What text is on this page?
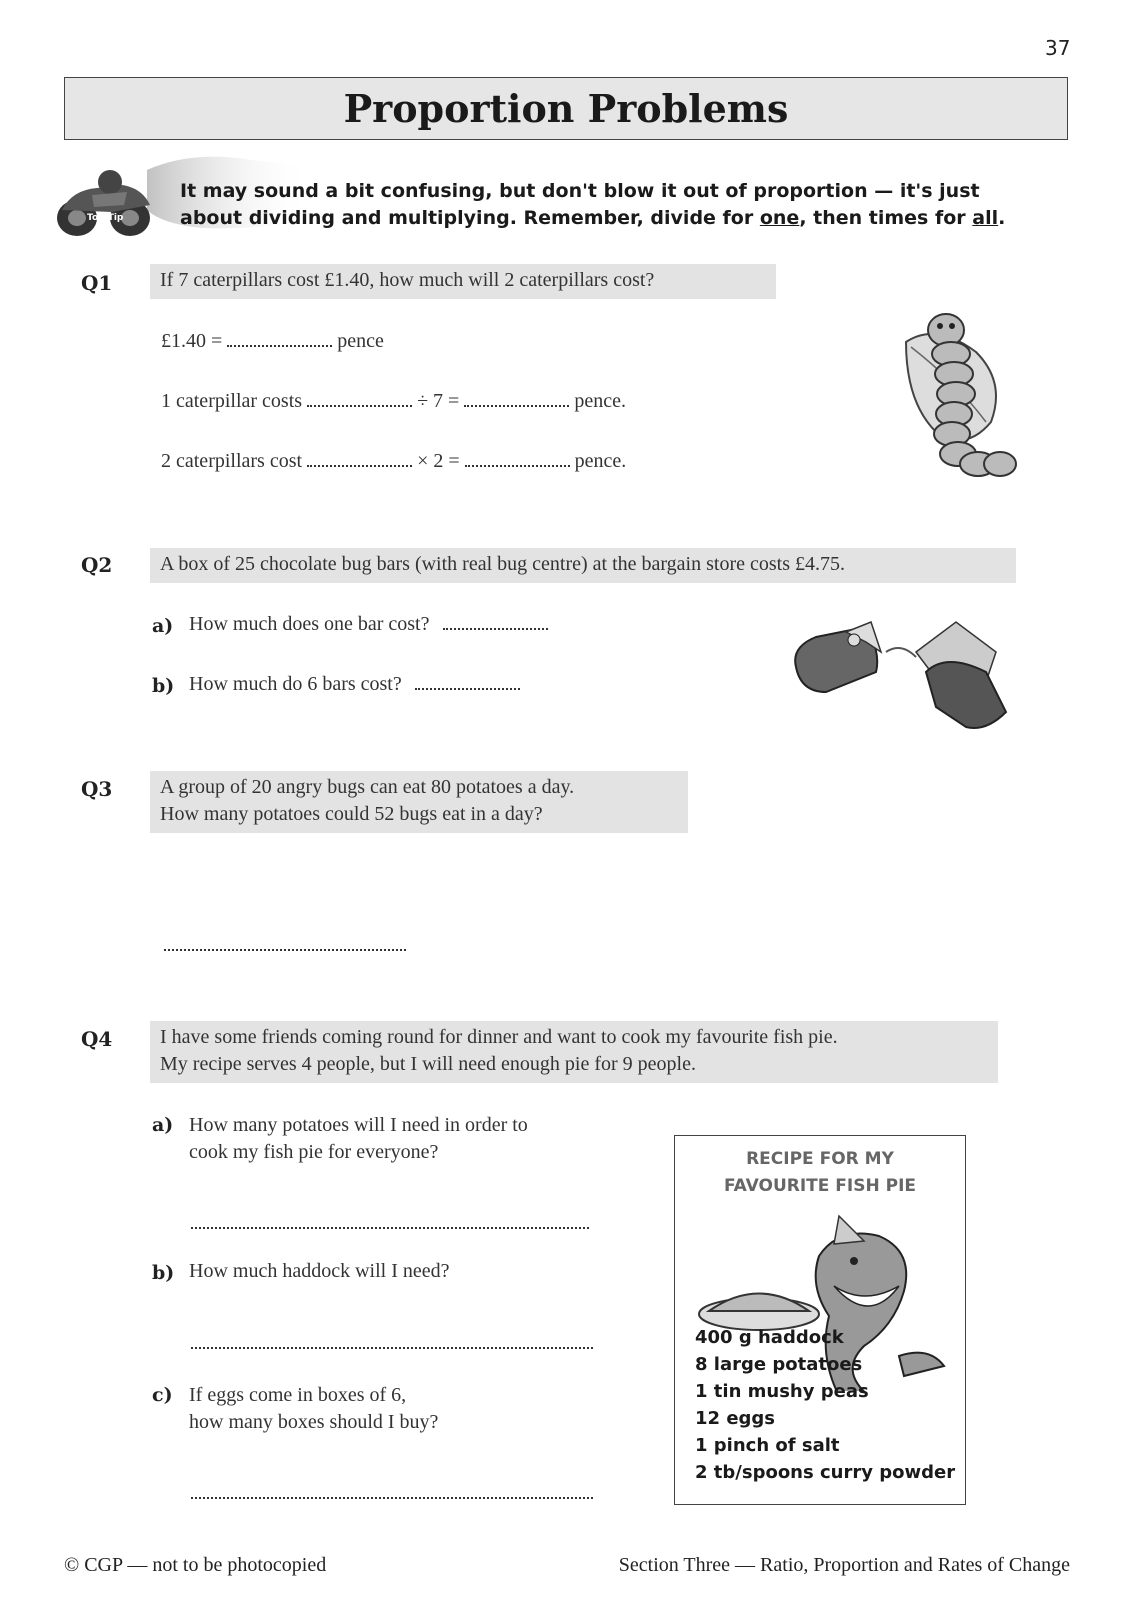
37
Proportion Problems
Top Tip
It may sound a bit confusing, but don't blow it out of proportion — it's just
about dividing and multiplying. Remember, divide for one, then times for all.
Q1	If 7 caterpillars cost £1.40, how much will 2 caterpillars cost?
£1.40 =	pence
1 caterpillar costs	÷ 7 =	pence.
2 caterpillars cost	× 2 =	pence.
Q2	A box of 25 chocolate bug bars (with real bug centre) at the bargain store costs £4.75.
a) How much does one bar cost?
b) How much do 6 bars cost?
Q3 A group of 20 angry bugs can eat 80 potatoes a day.
How many potatoes could 52 bugs eat in a day?
Q4 I have some friends coming round for dinner and want to cook my favourite fish pie.
My recipe serves 4 people, but I will need enough pie for 9 people.
a) How many potatoes will I need in order to
cook my fish pie for everyone?
b) How much haddock will I need?
c) If eggs come in boxes of 6,
how many boxes should I buy?
RECIPE FOR MY
FAVOURITE FISH PIE
400 g haddock
8 large potatoes
1 tin mushy peas
12 eggs
1 pinch of salt
2 tb/spoons curry powder
© CGP — not to be photocopied	Section Three — Ratio, Proportion and Rates of Change
